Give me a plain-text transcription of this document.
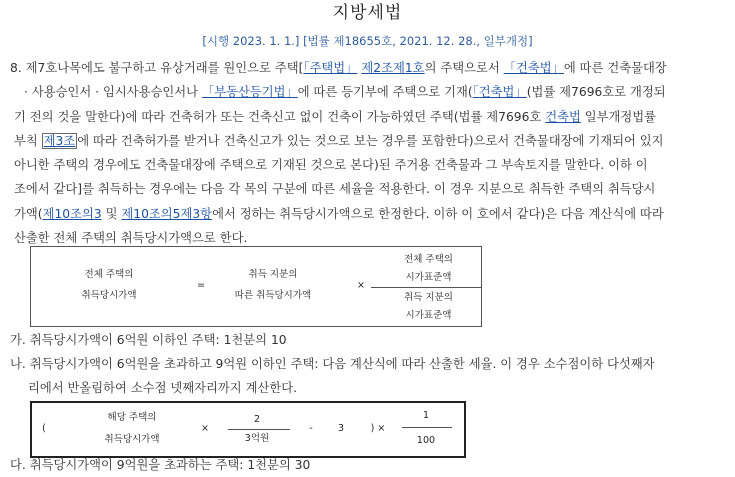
지방세법
[시행 2023. 1. 1.] [법률 제18655호, 2021. 12. 28., 일부개정]
8. 제7호나목에도 불구하고 유상거래를 원인으로 주택[「주택법」 제2조제1호의 주택으로서 「건축법」에 따른 건축물대장
· 사용승인서 · 임시사용승인서나 「부동산등기법」에 따른 등기부에 주택으로 기재(「건축법」(법률 제7696호로 개정되
기 전의 것을 말한다)에 따라 건축허가 또는 건축신고 없이 건축이 가능하였던 주택(법률 제7696호 건축법 일부개정법률
부칙 제3조 에 따라 건축허가를 받거나 건축신고가 있는 것으로 보는 경우를 포함한다)으로서 건축물대장에 기재되어 있지
아니한 주택의 경우에도 건축물대장에 주택으로 기재된 것으로 본다)된 주거용 건축물과 그 부속토지를 말한다. 이하 이
조에서 같다]를 취득하는 경우에는 다음 각 목의 구분에 따른 세율을 적용한다. 이 경우 지분으로 취득한 주택의 취득당시
가액(제10조의3 및 제10조의5제3항에서 정하는 취득당시가액으로 한정한다. 이하 이 호에서 같다)은 다음 계산식에 따라
산출한 전체 주택의 취득당시가액으로 한다.
전체 주택의
취득당시가액
=
취득 지분의
따른 취득당시가액
×
전체 주택의
시가표준액
취득 지분의
시가표준액
가. 취득당시가액이 6억원 이하인 주택: 1천분의 10
나. 취득당시가액이 6억원을 초과하고 9억원 이하인 주택: 다음 계산식에 따라 산출한 세율. 이 경우 소수점이하 다섯째자
리에서 반올림하여 소수점 넷째자리까지 계산한다.
(
해당 주택의
취득당시가액
×
2
3억원
-	3	) ×
1
100
다. 취득당시가액이 9억원을 초과하는 주택: 1천분의 30
